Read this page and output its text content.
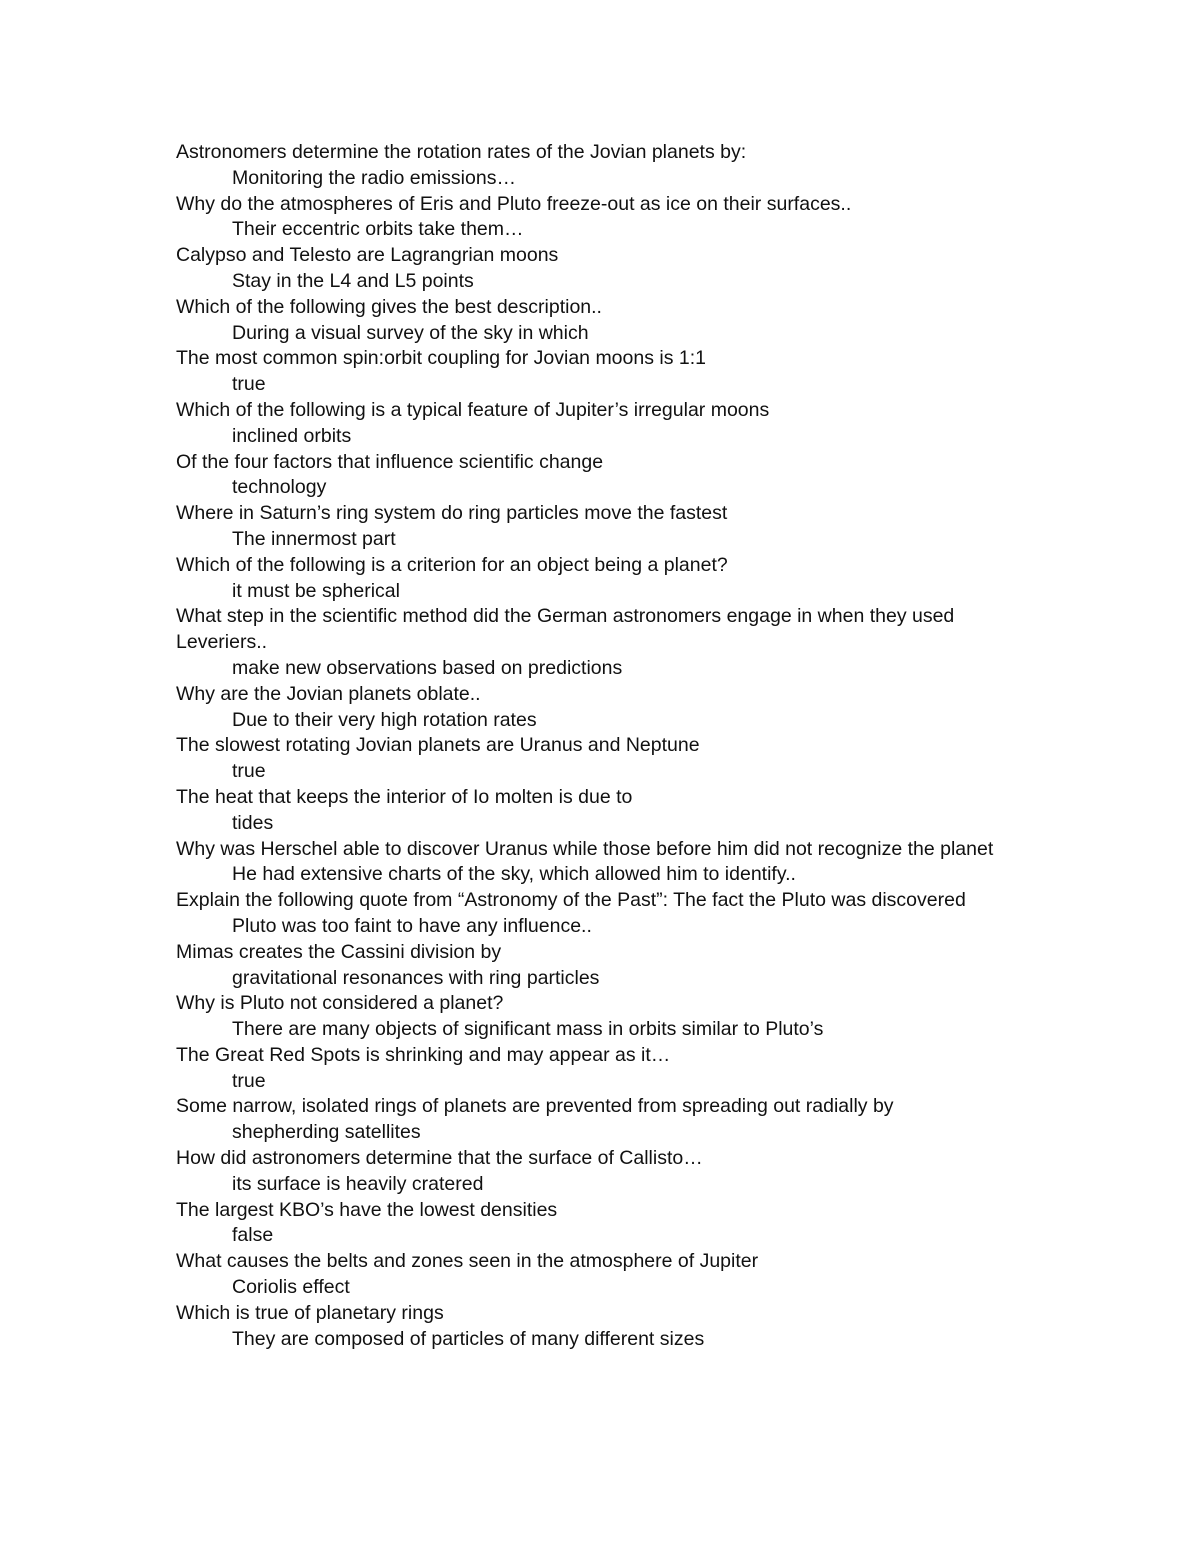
Astronomers determine the rotation rates of the Jovian planets by:
Monitoring the radio emissions…
Why do the atmospheres of Eris and Pluto freeze-out as ice on their surfaces..
Their eccentric orbits take them…
Calypso and Telesto are Lagrangrian moons
Stay in the L4 and L5 points
Which of the following gives the best description..
During a visual survey of the sky in which
The most common spin:orbit coupling for Jovian moons is 1:1
true
Which of the following is a typical feature of Jupiter’s irregular moons
inclined orbits
Of the four factors that influence scientific change
technology
Where in Saturn’s ring system do ring particles move the fastest
The innermost part
Which of the following is a criterion for an object being a planet?
it must be spherical
What step in the scientific method did the German astronomers engage in when they used Leveriers..
make new observations based on predictions
Why are the Jovian planets oblate..
Due to their very high rotation rates
The slowest rotating Jovian planets are Uranus and Neptune
true
The heat that keeps the interior of Io molten is due to
tides
Why was Herschel able to discover Uranus while those before him did not recognize the planet
He had extensive charts of the sky, which allowed him to identify..
Explain the following quote from “Astronomy of the Past”: The fact the Pluto was discovered
Pluto was too faint to have any influence..
Mimas creates the Cassini division by
gravitational resonances with ring particles
Why is Pluto not considered a planet?
There are many objects of significant mass in orbits similar to Pluto’s
The Great Red Spots is shrinking and may appear as it…
true
Some narrow, isolated rings of planets are prevented from spreading out radially by
shepherding satellites
How did astronomers determine that the surface of Callisto…
its surface is heavily cratered
The largest KBO’s have the lowest densities
false
What causes the belts and zones seen in the atmosphere of Jupiter
Coriolis effect
Which is true of planetary rings
They are composed of particles of many different sizes
